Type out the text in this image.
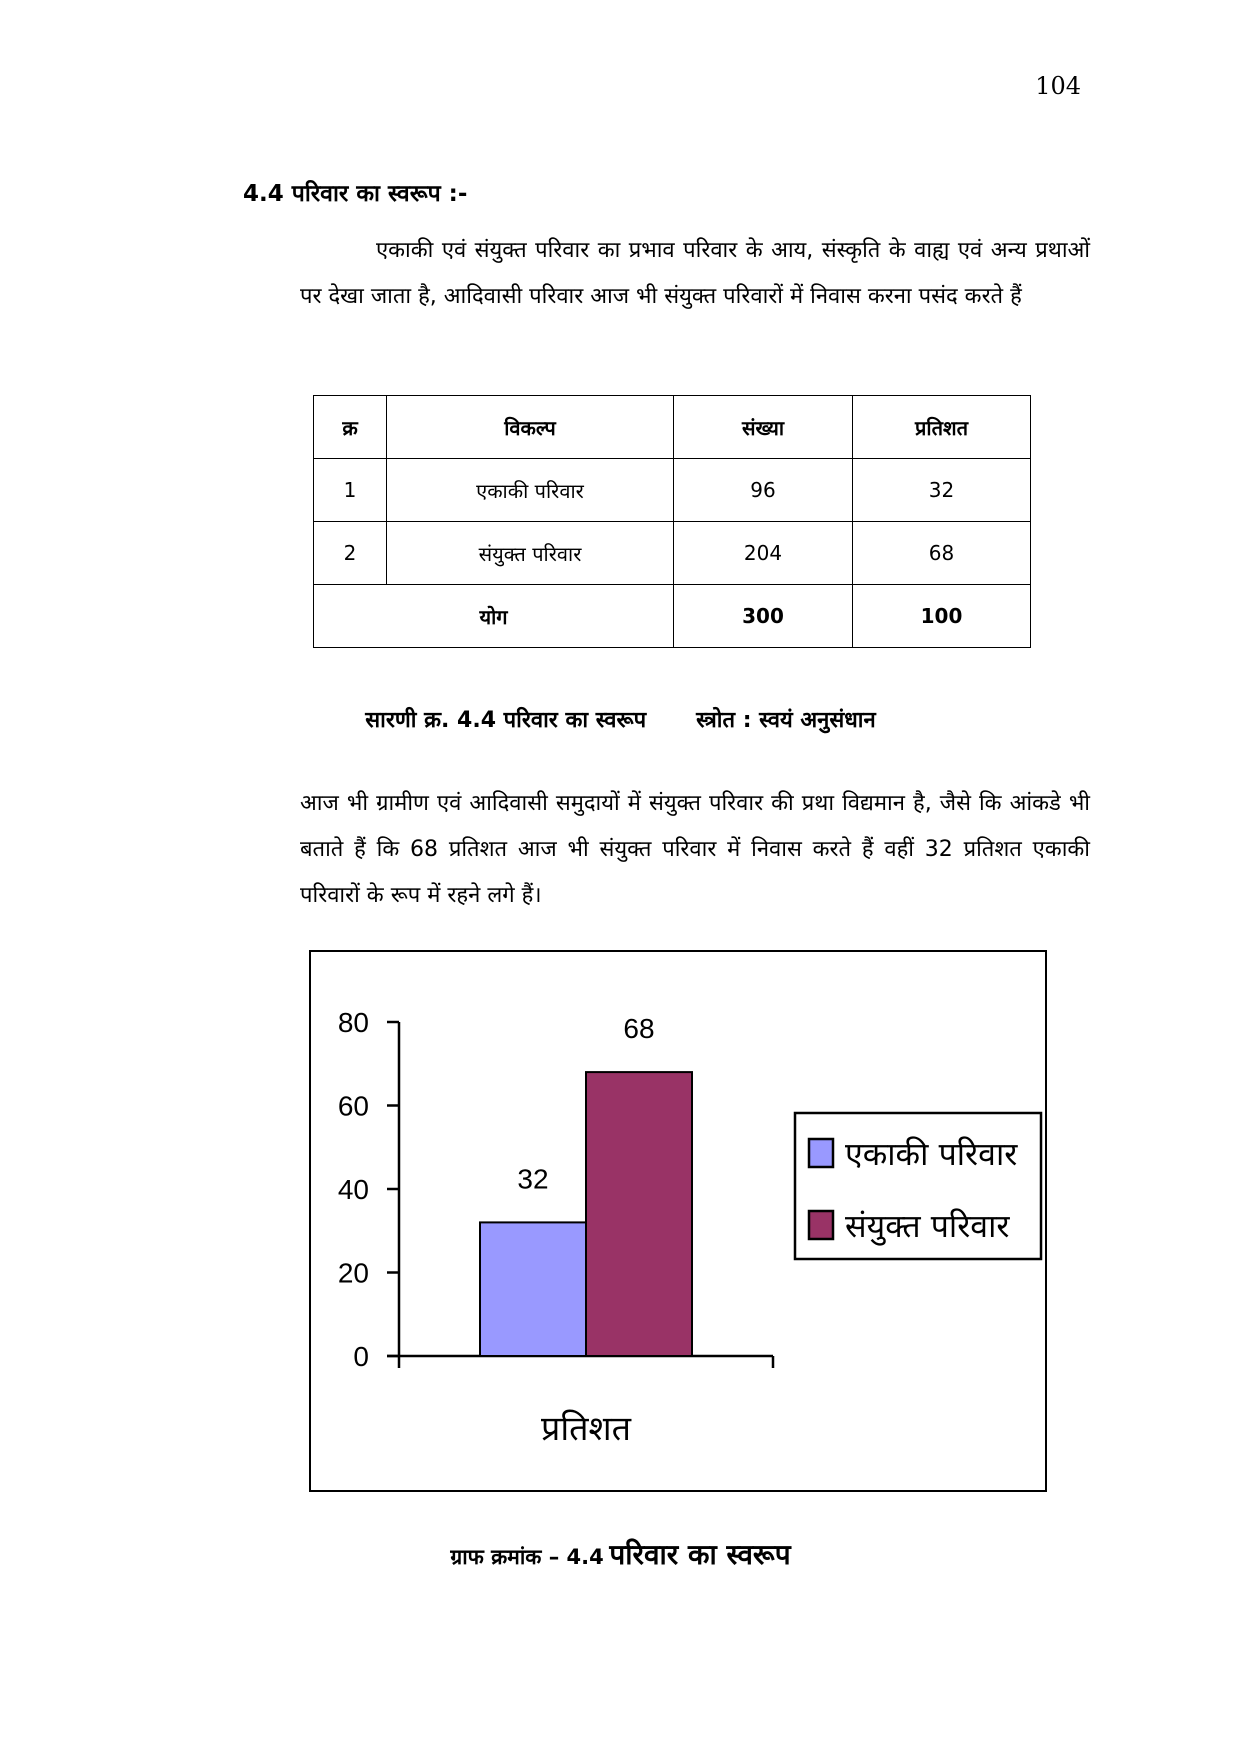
104
4.4 परिवार का स्वरूप :-

एकाकी एवं संयुक्त परिवार का प्रभाव परिवार के आय, संस्कृति के वाह्य एवं अन्य प्रथाओं पर देखा जाता है, आदिवासी परिवार आज भी संयुक्त परिवारों में निवास करना पसंद करते हैं

क्र	विकल्प	संख्या	प्रतिशत
1	एकाकी परिवार	96	32
2	संयुक्त परिवार	204	68
योग		300	100
सारणी क्र. 4.4 परिवार का स्वरूप स्त्रोत : स्वयं अनुसंधान

आज भी ग्रामीण एवं आदिवासी समुदायों में संयुक्त परिवार की प्रथा विद्यमान है, जैसे कि आंकडे भी बताते हैं कि 68 प्रतिशत आज भी संयुक्त परिवार में निवास करते हैं वहीं 32 प्रतिशत एकाकी परिवारों के रूप में रहने लगे हैं।

0
20
40
60
80
32
68
प्रतिशत
एकाकी परिवार
संयुक्त परिवार
ग्राफ क्रमांक – 4.4 परिवार का स्वरूप
